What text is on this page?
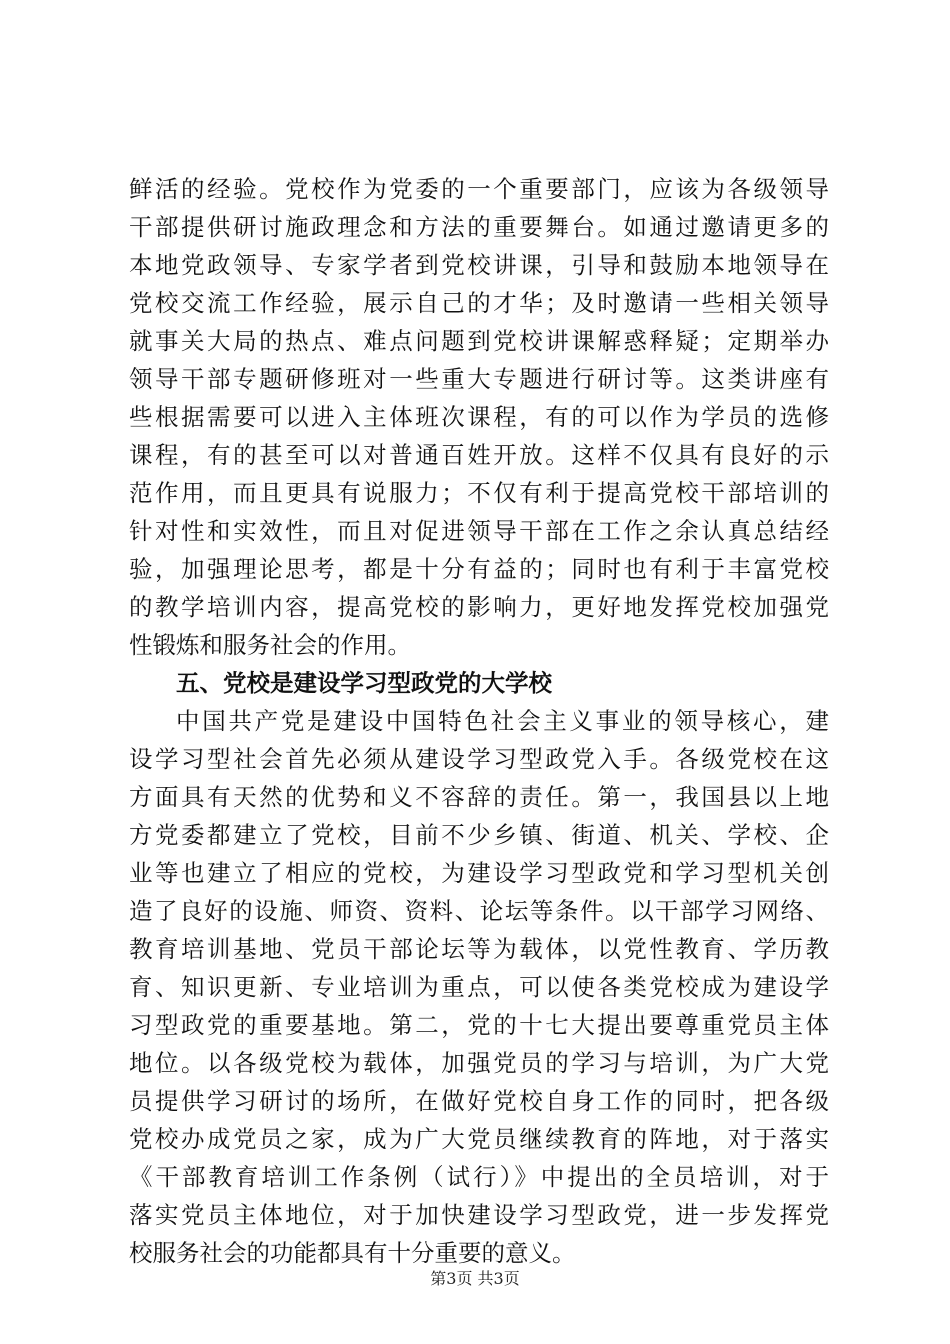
鲜活的经验。党校作为党委的一个重要部门，应该为各级领导
干部提供研讨施政理念和方法的重要舞台。如通过邀请更多的
本地党政领导、专家学者到党校讲课，引导和鼓励本地领导在
党校交流工作经验，展示自己的才华；及时邀请一些相关领导
就事关大局的热点、难点问题到党校讲课解惑释疑；定期举办
领导干部专题研修班对一些重大专题进行研讨等。这类讲座有
些根据需要可以进入主体班次课程，有的可以作为学员的选修
课程，有的甚至可以对普通百姓开放。这样不仅具有良好的示
范作用，而且更具有说服力；不仅有利于提高党校干部培训的
针对性和实效性，而且对促进领导干部在工作之余认真总结经
验，加强理论思考，都是十分有益的；同时也有利于丰富党校
的教学培训内容，提高党校的影响力，更好地发挥党校加强党
性锻炼和服务社会的作用。
五、党校是建设学习型政党的大学校
中国共产党是建设中国特色社会主义事业的领导核心，建
设学习型社会首先必须从建设学习型政党入手。各级党校在这
方面具有天然的优势和义不容辞的责任。第一，我国县以上地
方党委都建立了党校，目前不少乡镇、街道、机关、学校、企
业等也建立了相应的党校，为建设学习型政党和学习型机关创
造了良好的设施、师资、资料、论坛等条件。以干部学习网络、
教育培训基地、党员干部论坛等为载体，以党性教育、学历教
育、知识更新、专业培训为重点，可以使各类党校成为建设学
习型政党的重要基地。第二，党的十七大提出要尊重党员主体
地位。以各级党校为载体，加强党员的学习与培训，为广大党
员提供学习研讨的场所，在做好党校自身工作的同时，把各级
党校办成党员之家，成为广大党员继续教育的阵地，对于落实
《干部教育培训工作条例（试行）》中提出的全员培训，对于
落实党员主体地位，对于加快建设学习型政党，进一步发挥党
校服务社会的功能都具有十分重要的意义。
第3页 共3页
